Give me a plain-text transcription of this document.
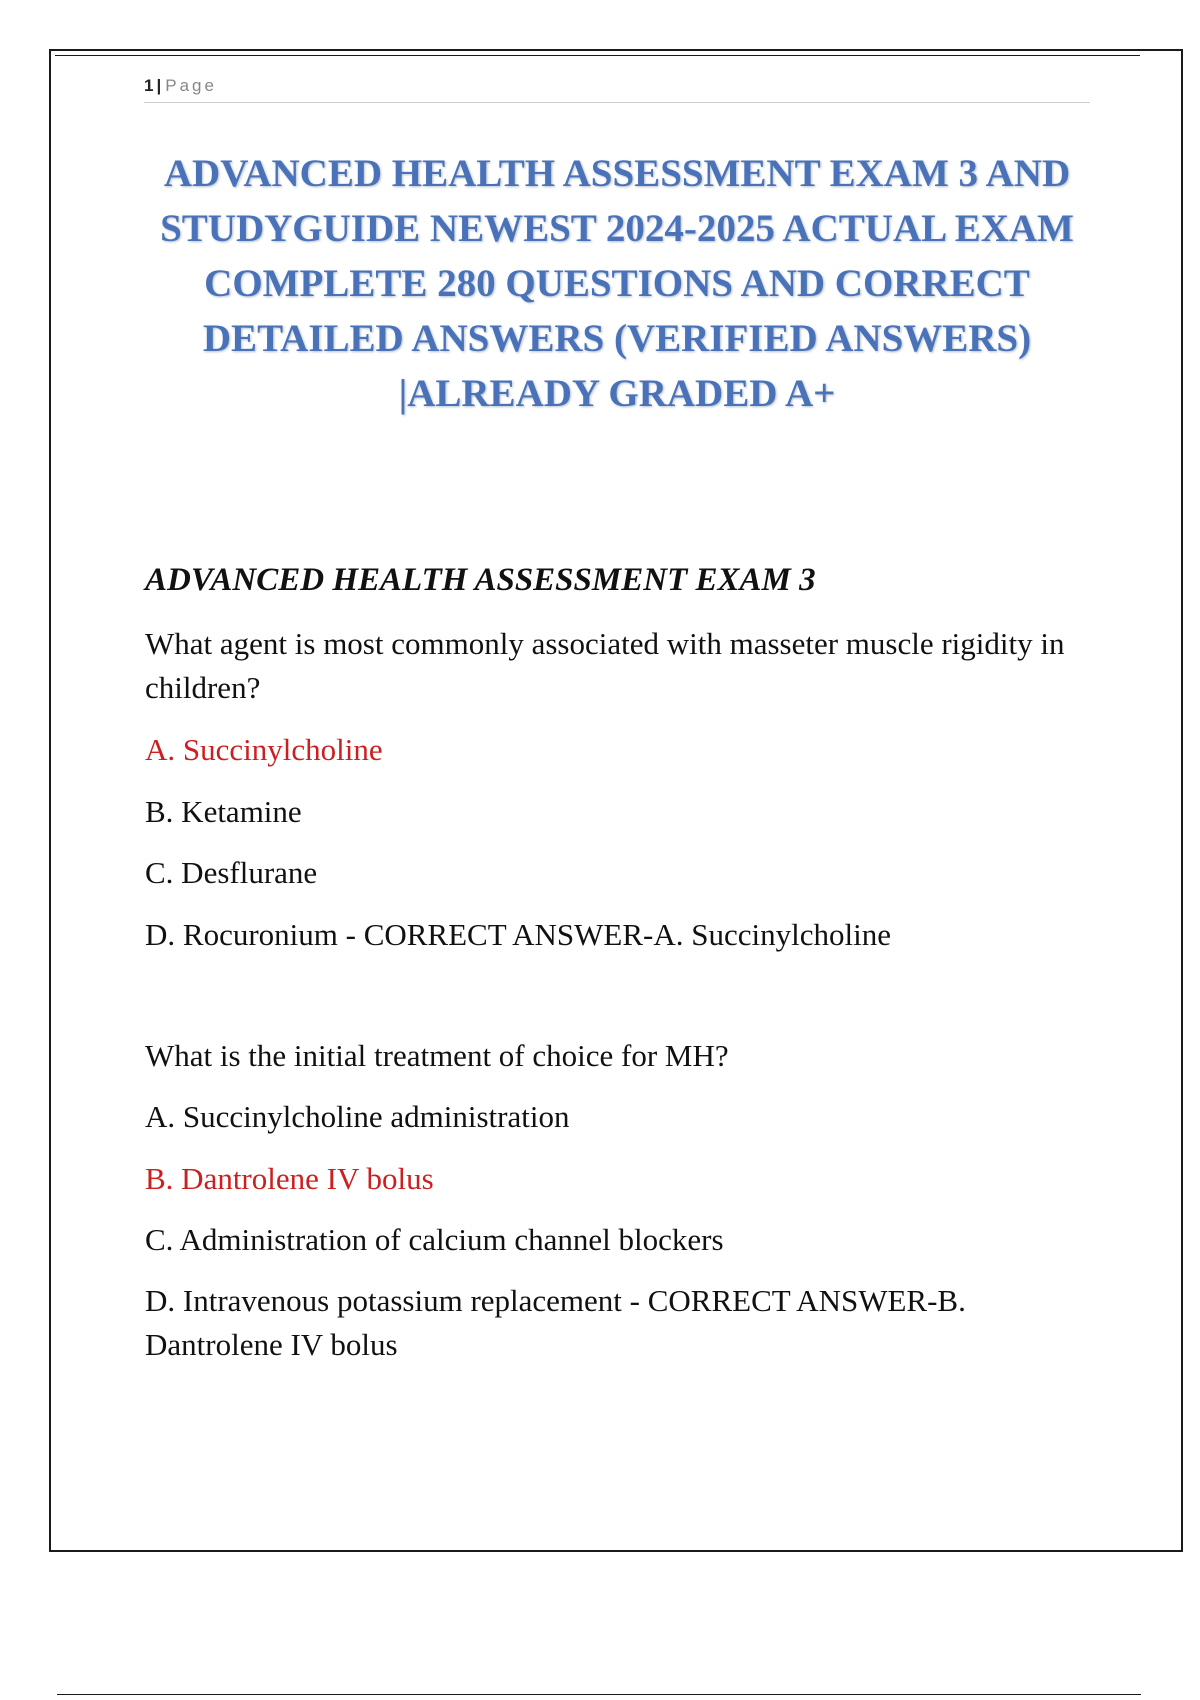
1 | Page
ADVANCED HEALTH ASSESSMENT EXAM 3 AND STUDYGUIDE NEWEST 2024-2025 ACTUAL EXAM COMPLETE 280 QUESTIONS AND CORRECT DETAILED ANSWERS (VERIFIED ANSWERS) |ALREADY GRADED A+
ADVANCED HEALTH ASSESSMENT EXAM 3

What agent is most commonly associated with masseter muscle rigidity in children?

A. Succinylcholine

B. Ketamine

C. Desflurane

D. Rocuronium - CORRECT ANSWER-A. Succinylcholine

What is the initial treatment of choice for MH?

A. Succinylcholine administration

B. Dantrolene IV bolus

C. Administration of calcium channel blockers

D. Intravenous potassium replacement - CORRECT ANSWER-B. Dantrolene IV bolus
